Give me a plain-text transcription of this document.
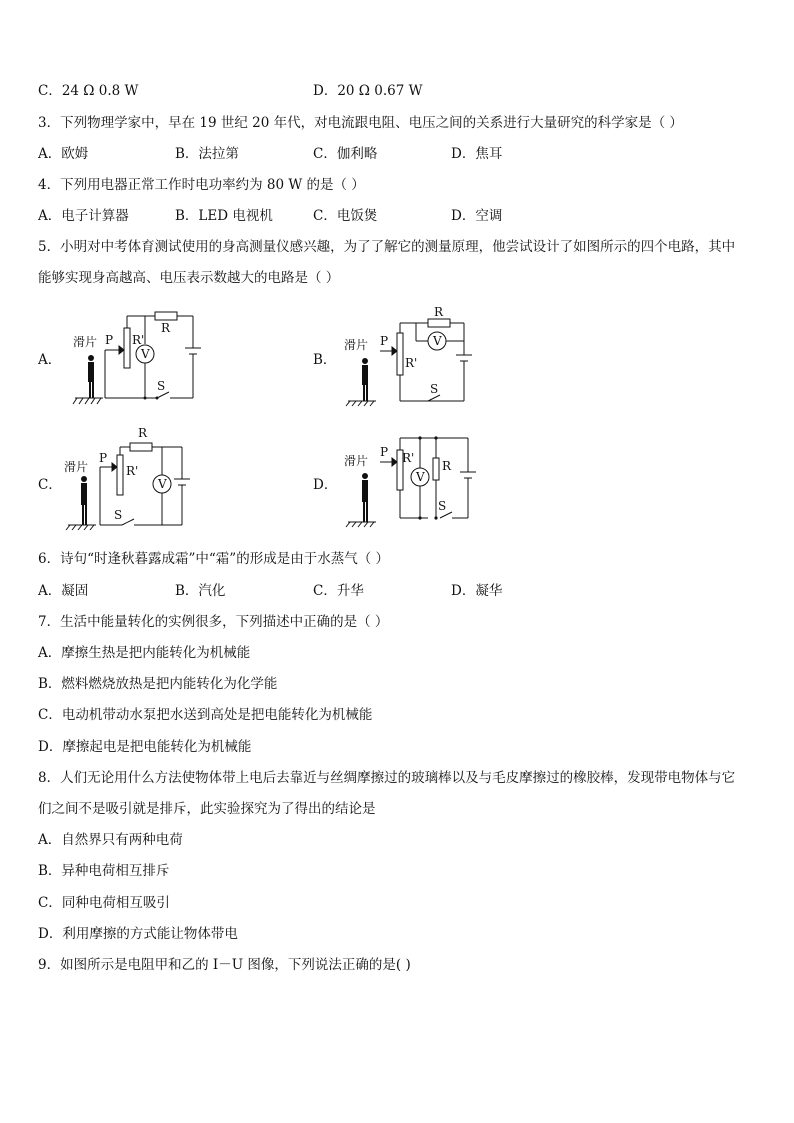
C．24 Ω 0.8 W	D．20 Ω 0.67 W
3．下列物理学家中，早在 19 世纪 20 年代，对电流跟电阻、电压之间的关系进行大量研究的科学家是（ ）
A．欧姆	B．法拉第	C．伽利略	D．焦耳
4．下列用电器正常工作时电功率约为 80 W 的是（ ）
A．电子计算器	B．LED 电视机	C．电饭煲	D．空调
5．小明对中考体育测试使用的身高测量仪感兴趣，为了了解它的测量原理，他尝试设计了如图所示的四个电路，其中
能够实现身高越高、电压表示数越大的电路是（ ）
A．	B．
C．	D．
滑片 P R'
R
V
S
滑片 P
R'
R
V
S
滑片
P
R'
R
V
S
滑片
P R'
R
V
S
6．诗句“时逢秋暮露成霜”中“霜”的形成是由于水蒸气（ ）
A．凝固	B．汽化	C．升华	D．凝华
7．生活中能量转化的实例很多，下列描述中正确的是（ ）
A．摩擦生热是把内能转化为机械能
B．燃料燃烧放热是把内能转化为化学能
C．电动机带动水泵把水送到高处是把电能转化为机械能
D．摩擦起电是把电能转化为机械能
8．人们无论用什么方法使物体带上电后去靠近与丝绸摩擦过的玻璃棒以及与毛皮摩擦过的橡胶棒，发现带电物体与它
们之间不是吸引就是排斥，此实验探究为了得出的结论是
A．自然界只有两种电荷
B．异种电荷相互排斥
C．同种电荷相互吸引
D．利用摩擦的方式能让物体带电
9．如图所示是电阻甲和乙的 I－U 图像，下列说法正确的是( )
